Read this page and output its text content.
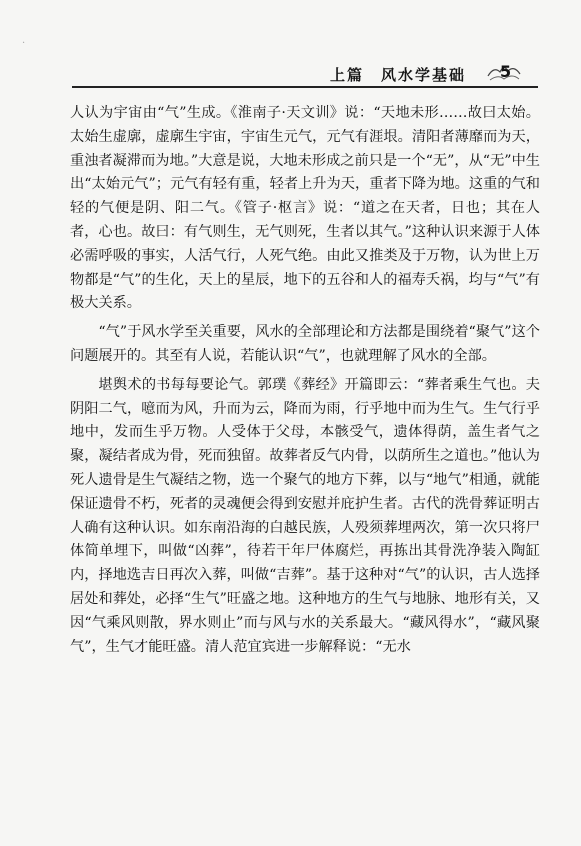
·
上篇　风水学基础 5

人认为宇宙由“气”生成。《淮南子·天文训》说：“天地未形……故曰太始。太始生虚廓，虚廓生宇宙，宇宙生元气，元气有涯垠。清阳者薄靡而为天，重浊者凝滞而为地。”大意是说，大地未形成之前只是一个“无”，从“无”中生出“太始元气”；元气有轻有重，轻者上升为天，重者下降为地。这重的气和轻的气便是阴、阳二气。《管子·枢言》说：“道之在天者，日也；其在人者，心也。故曰：有气则生，无气则死，生者以其气。”这种认识来源于人体必需呼吸的事实，人活气行，人死气绝。由此又推类及于万物，认为世上万物都是“气”的生化，天上的星辰，地下的五谷和人的福寿夭祸，均与“气”有极大关系。

“气”于风水学至关重要，风水的全部理论和方法都是围绕着“聚气”这个问题展开的。其至有人说，若能认识“气”，也就理解了风水的全部。

堪舆术的书每每要论气。郭璞《葬经》开篇即云：“葬者乘生气也。夫阴阳二气，噫而为风，升而为云，降而为雨，行乎地中而为生气。生气行乎地中，发而生乎万物。人受体于父母，本骸受气，遗体得荫，盖生者气之聚，凝结者成为骨，死而独留。故葬者反气内骨，以荫所生之道也。”他认为死人遗骨是生气凝结之物，选一个聚气的地方下葬，以与“地气”相通，就能保证遗骨不朽，死者的灵魂便会得到安慰并庇护生者。古代的洗骨葬证明古人确有这种认识。如东南沿海的白越民族，人殁须葬埋两次，第一次只将尸体简单埋下，叫做“凶葬”，待若干年尸体腐烂，再拣出其骨洗净装入陶缸内，择地选吉日再次入葬，叫做“吉葬”。基于这种对“气”的认识，古人选择居处和葬处，必择“生气”旺盛之地。这种地方的生气与地脉、地形有关，又因“气乘风则散，界水则止”而与风与水的关系最大。“藏风得水”，“藏风聚气”，生气才能旺盛。清人范宜宾进一步解释说：“无水
